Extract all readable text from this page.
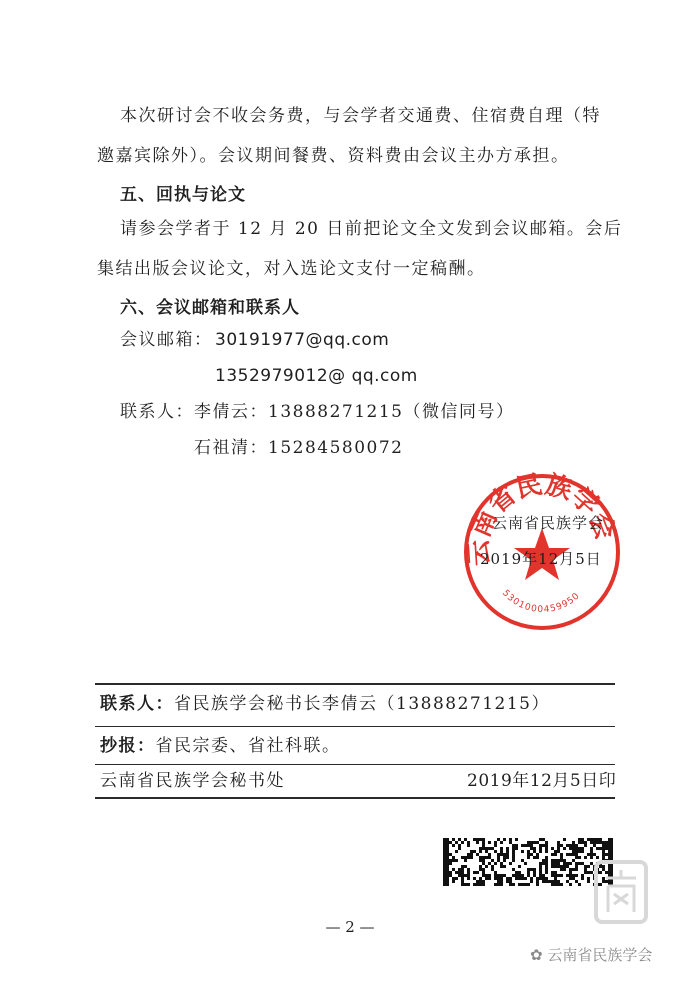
本次研讨会不收会务费，与会学者交通费、住宿费自理（特
邀嘉宾除外）。会议期间餐费、资料费由会议主办方承担。
五、回执与论文
请参会学者于 12 月 20 日前把论文全文发到会议邮箱。会后
集结出版会议论文，对入选论文支付一定稿酬。
六、会议邮箱和联系人
会议邮箱： 30191977@qq.com
1352979012@ qq.com
联系人： 李倩云：13888271215（微信同号）
石祖清：15284580072
云南省民族学会
5301000459950
云南省民族学会
2019年12月5日
联系人：省民族学会秘书长李倩云（13888271215）
抄报：省民宗委、省社科联。
云南省民族学会秘书处	2019年12月5日印
— 2 —
✿ 云南省民族学会
